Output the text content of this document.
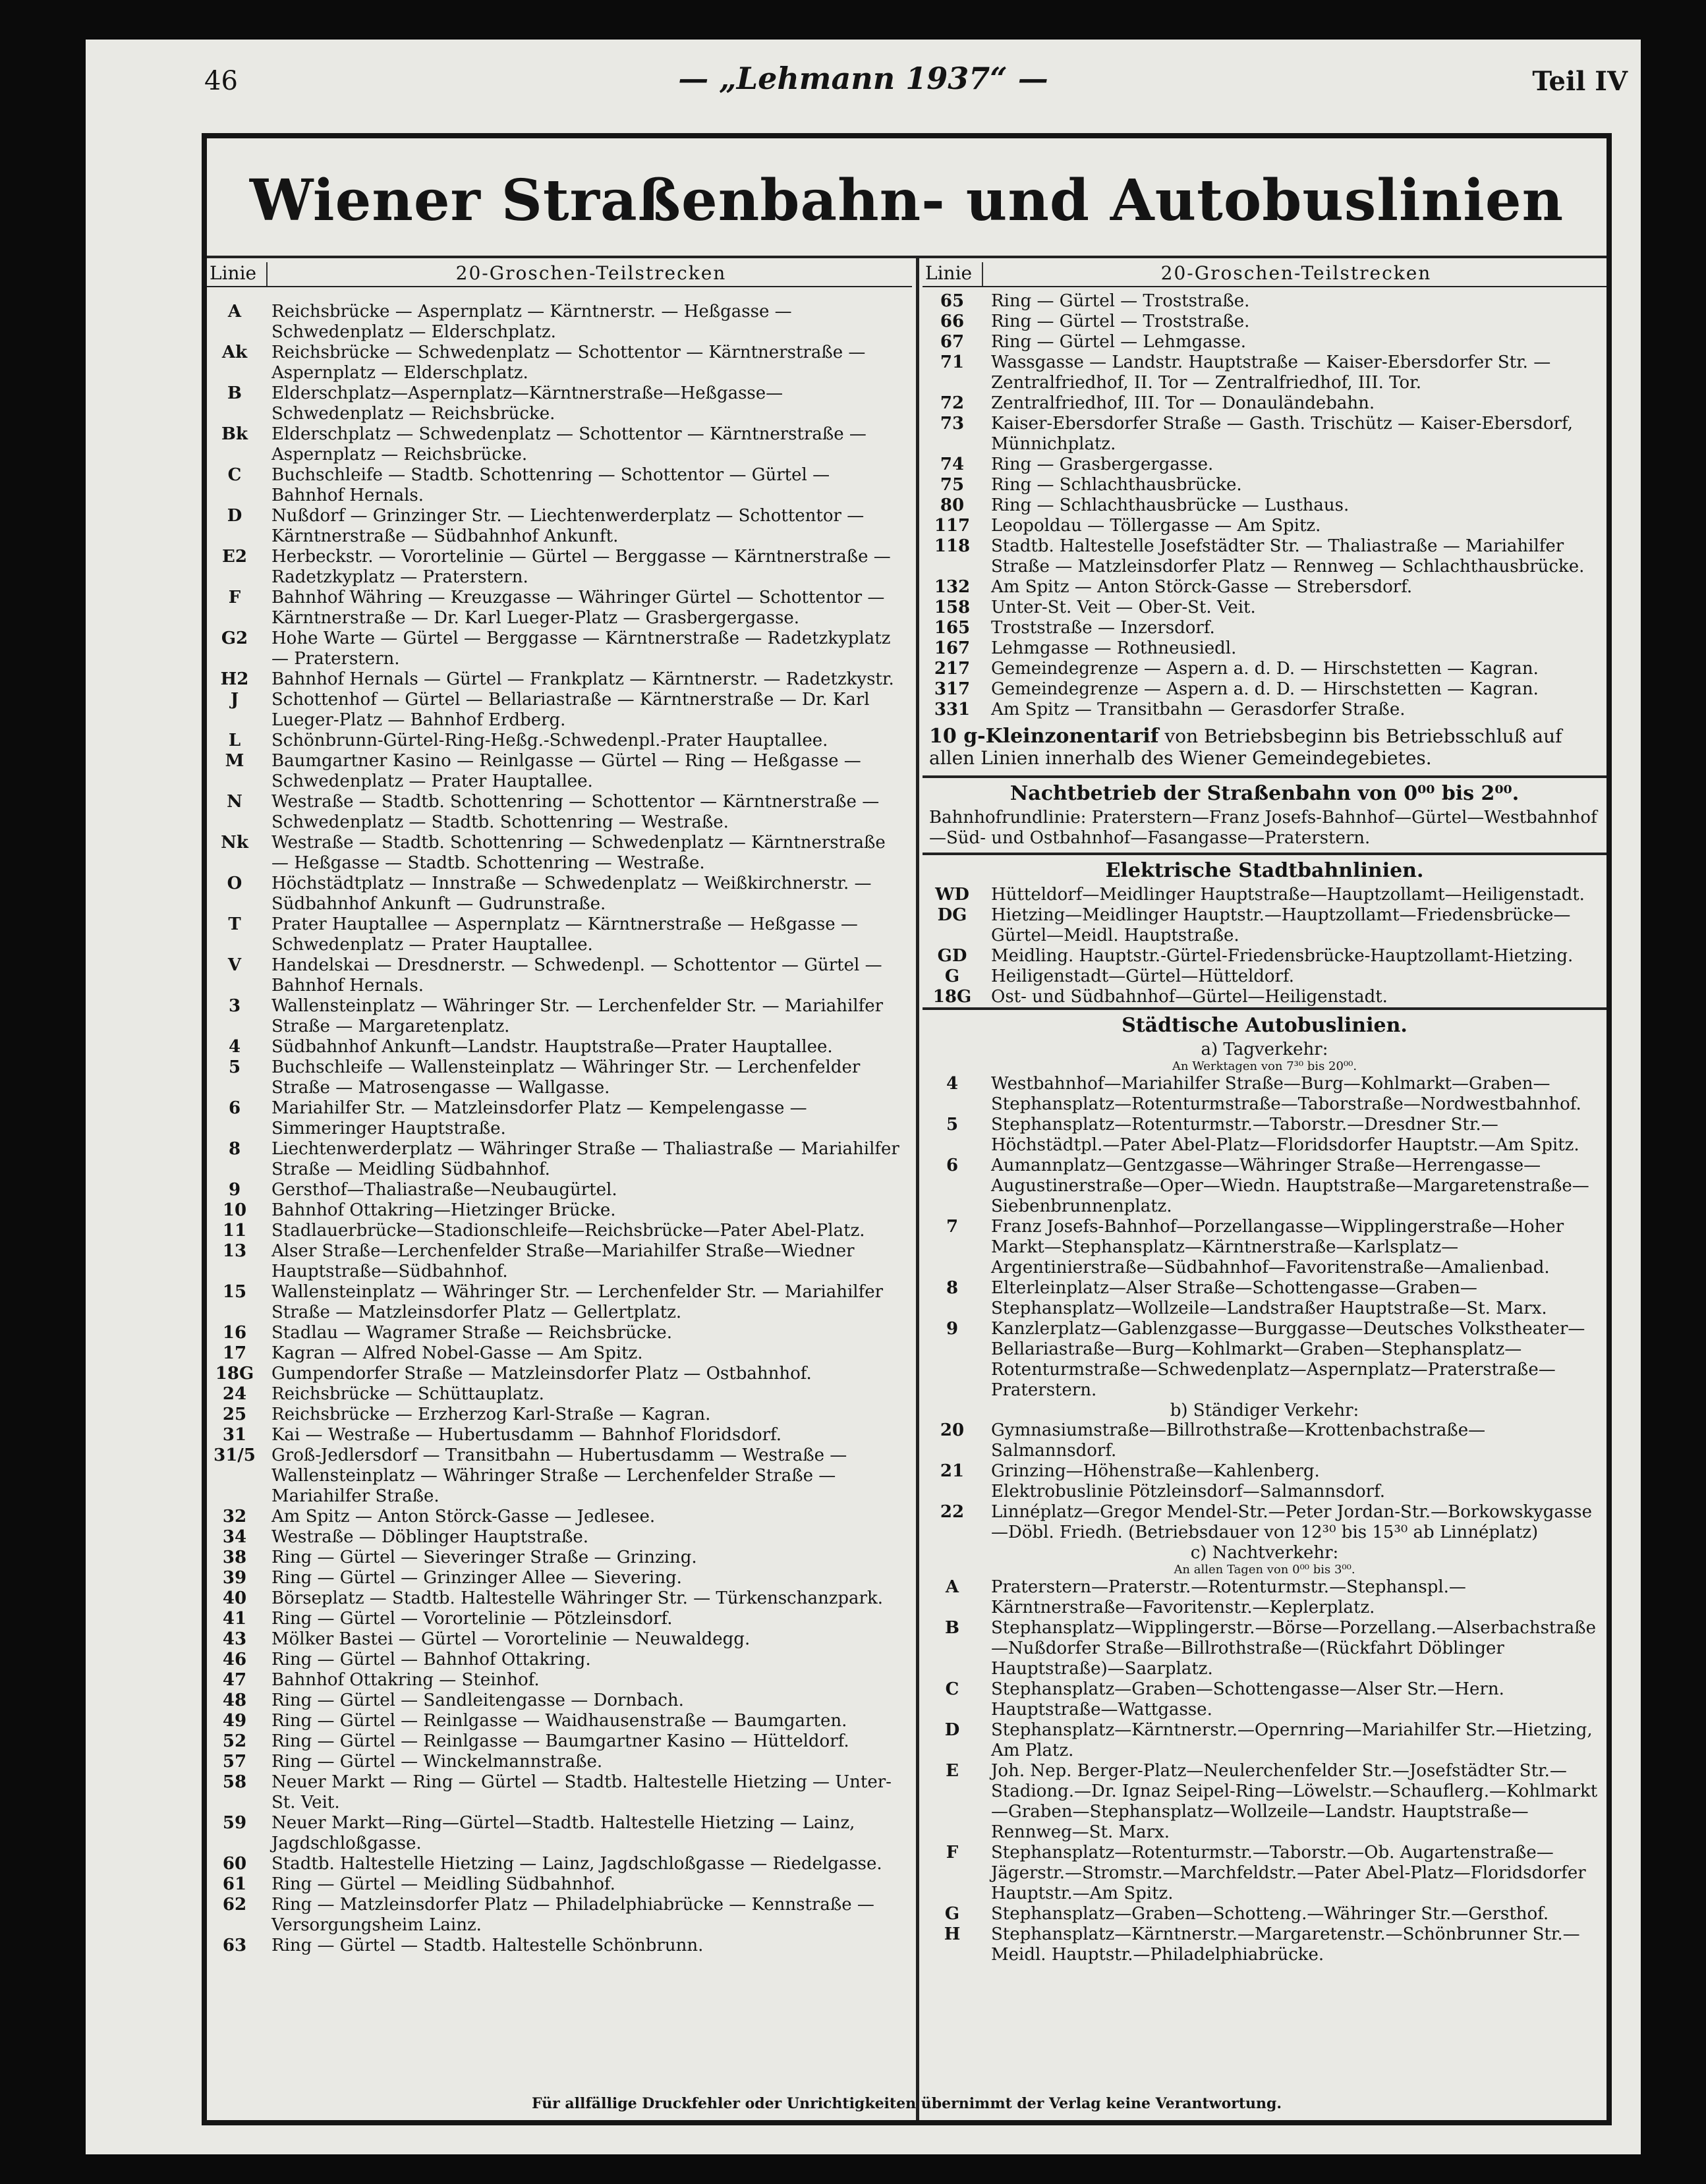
46	— „Lehmann 1937“ —	Teil IV
Wiener Straßenbahn- und Autobuslinien
Linie	20-Groschen-Teilstrecken
A	Reichsbrücke — Aspernplatz — Kärntnerstr. — Heßgasse — Schwedenplatz — Elderschplatz.
Ak	Reichsbrücke — Schwedenplatz — Schottentor — Kärntnerstraße — Aspernplatz — Elderschplatz.
B	Elderschplatz—Aspernplatz—Kärntnerstraße—Heßgasse—Schwedenplatz — Reichsbrücke.
Bk	Elderschplatz — Schwedenplatz — Schottentor — Kärntnerstraße — Aspernplatz — Reichsbrücke.
C	Buchschleife — Stadtb. Schottenring — Schottentor — Gürtel — Bahnhof Hernals.
D	Nußdorf — Grinzinger Str. — Liechtenwerderplatz — Schottentor — Kärntnerstraße — Südbahnhof Ankunft.
E2	Herbeckstr. — Vorortelinie — Gürtel — Berggasse — Kärntnerstraße — Radetzkyplatz — Praterstern.
F	Bahnhof Währing — Kreuzgasse — Währinger Gürtel — Schottentor — Kärntnerstraße — Dr. Karl Lueger-Platz — Grasbergergasse.
G2	Hohe Warte — Gürtel — Berggasse — Kärntnerstraße — Radetzkyplatz — Praterstern.
H2	Bahnhof Hernals — Gürtel — Frankplatz — Kärntnerstr. — Radetzkystr.
J	Schottenhof — Gürtel — Bellariastraße — Kärntnerstraße — Dr. Karl Lueger-Platz — Bahnhof Erdberg.
L	Schönbrunn-Gürtel-Ring-Heßg.-Schwedenpl.-Prater Hauptallee.
M	Baumgartner Kasino — Reinlgasse — Gürtel — Ring — Heßgasse — Schwedenplatz — Prater Hauptallee.
N	Westraße — Stadtb. Schottenring — Schottentor — Kärntnerstraße — Schwedenplatz — Stadtb. Schottenring — Westraße.
Nk	Westraße — Stadtb. Schottenring — Schwedenplatz — Kärntnerstraße — Heßgasse — Stadtb. Schottenring — Westraße.
O	Höchstädtplatz — Innstraße — Schwedenplatz — Weißkirchnerstr. — Südbahnhof Ankunft — Gudrunstraße.
T	Prater Hauptallee — Aspernplatz — Kärntnerstraße — Heßgasse — Schwedenplatz — Prater Hauptallee.
V	Handelskai — Dresdnerstr. — Schwedenpl. — Schottentor — Gürtel — Bahnhof Hernals.
3	Wallensteinplatz — Währinger Str. — Lerchenfelder Str. — Mariahilfer Straße — Margaretenplatz.
4	Südbahnhof Ankunft—Landstr. Hauptstraße—Prater Hauptallee.
5	Buchschleife — Wallensteinplatz — Währinger Str. — Lerchenfelder Straße — Matrosengasse — Wallgasse.
6	Mariahilfer Str. — Matzleinsdorfer Platz — Kempelengasse — Simmeringer Hauptstraße.
8	Liechtenwerderplatz — Währinger Straße — Thaliastraße — Mariahilfer Straße — Meidling Südbahnhof.
9	Gersthof—Thaliastraße—Neubaugürtel.
10	Bahnhof Ottakring—Hietzinger Brücke.
11	Stadlauerbrücke—Stadionschleife—Reichsbrücke—Pater Abel-Platz.
13	Alser Straße—Lerchenfelder Straße—Mariahilfer Straße—Wiedner Hauptstraße—Südbahnhof.
15	Wallensteinplatz — Währinger Str. — Lerchenfelder Str. — Mariahilfer Straße — Matzleinsdorfer Platz — Gellertplatz.
16	Stadlau — Wagramer Straße — Reichsbrücke.
17	Kagran — Alfred Nobel-Gasse — Am Spitz.
18G	Gumpendorfer Straße — Matzleinsdorfer Platz — Ostbahnhof.
24	Reichsbrücke — Schüttauplatz.
25	Reichsbrücke — Erzherzog Karl-Straße — Kagran.
31	Kai — Westraße — Hubertusdamm — Bahnhof Floridsdorf.
31/5 Groß-Jedlersdorf — Transitbahn — Hubertusdamm — Westraße — Wallensteinplatz — Währinger Straße — Lerchenfelder Straße — Mariahilfer Straße.
32	Am Spitz — Anton Störck-Gasse — Jedlesee.
34	Westraße — Döblinger Hauptstraße.
38	Ring — Gürtel — Sieveringer Straße — Grinzing.
39	Ring — Gürtel — Grinzinger Allee — Sievering.
40	Börseplatz — Stadtb. Haltestelle Währinger Str. — Türkenschanzpark.
41	Ring — Gürtel — Vorortelinie — Pötzleinsdorf.
43	Mölker Bastei — Gürtel — Vorortelinie — Neuwaldegg.
46	Ring — Gürtel — Bahnhof Ottakring.
47	Bahnhof Ottakring — Steinhof.
48	Ring — Gürtel — Sandleitengasse — Dornbach.
49	Ring — Gürtel — Reinlgasse — Waidhausenstraße — Baumgarten.
52	Ring — Gürtel — Reinlgasse — Baumgartner Kasino — Hütteldorf.
57	Ring — Gürtel — Winckelmannstraße.
58	Neuer Markt — Ring — Gürtel — Stadtb. Haltestelle Hietzing — Unter-St. Veit.
59	Neuer Markt—Ring—Gürtel—Stadtb. Haltestelle Hietzing — Lainz, Jagdschloßgasse.
60	Stadtb. Haltestelle Hietzing — Lainz, Jagdschloßgasse — Riedelgasse.
61	Ring — Gürtel — Meidling Südbahnhof.
62	Ring — Matzleinsdorfer Platz — Philadelphiabrücke — Kennstraße — Versorgungsheim Lainz.
63	Ring — Gürtel — Stadtb. Haltestelle Schönbrunn.
Linie	20-Groschen-Teilstrecken
65	Ring — Gürtel — Troststraße.
66	Ring — Gürtel — Troststraße.
67	Ring — Gürtel — Lehmgasse.
71	Wassgasse — Landstr. Hauptstraße — Kaiser-Ebersdorfer Str. — Zentralfriedhof, II. Tor — Zentralfriedhof, III. Tor.
72	Zentralfriedhof, III. Tor — Donauländebahn.
73	Kaiser-Ebersdorfer Straße — Gasth. Trischütz — Kaiser-Ebersdorf, Münnichplatz.
74	Ring — Grasbergergasse.
75	Ring — Schlachthausbrücke.
80	Ring — Schlachthausbrücke — Lusthaus.
117	Leopoldau — Töllergasse — Am Spitz.
118	Stadtb. Haltestelle Josefstädter Str. — Thaliastraße — Mariahilfer Straße — Matzleinsdorfer Platz — Rennweg — Schlachthausbrücke.
132	Am Spitz — Anton Störck-Gasse — Strebersdorf.
158	Unter-St. Veit — Ober-St. Veit.
165	Troststraße — Inzersdorf.
167	Lehmgasse — Rothneusiedl.
217	Gemeindegrenze — Aspern a. d. D. — Hirschstetten — Kagran.
317	Gemeindegrenze — Aspern a. d. D. — Hirschstetten — Kagran.
331	Am Spitz — Transitbahn — Gerasdorfer Straße.
10 g-Kleinzonentarif von Betriebsbeginn bis Betriebsschluß auf allen Linien innerhalb des Wiener Gemeindegebietes.
Nachtbetrieb der Straßenbahn von 0⁰⁰ bis 2⁰⁰.
Bahnhofrundlinie: Praterstern—Franz Josefs-Bahnhof—Gürtel—Westbahnhof—Süd- und Ostbahnhof—Fasangasse—Praterstern.
Elektrische Stadtbahnlinien.
WD	Hütteldorf—Meidlinger Hauptstraße—Hauptzollamt—Heiligenstadt.
DG	Hietzing—Meidlinger Hauptstr.—Hauptzollamt—Friedensbrücke—Gürtel—Meidl. Hauptstraße.
GD	Meidling. Hauptstr.-Gürtel-Friedensbrücke-Hauptzollamt-Hietzing.
G	Heiligenstadt—Gürtel—Hütteldorf.
18G	Ost- und Südbahnhof—Gürtel—Heiligenstadt.
Städtische Autobuslinien.
a) Tagverkehr:
An Werktagen von 7³⁰ bis 20⁰⁰.
4	Westbahnhof—Mariahilfer Straße—Burg—Kohlmarkt—Graben—Stephansplatz—Rotenturmstraße—Taborstraße—Nordwestbahnhof.
5	Stephansplatz—Rotenturmstr.—Taborstr.—Dresdner Str.—Höchstädtpl.—Pater Abel-Platz—Floridsdorfer Hauptstr.—Am Spitz.
6	Aumannplatz—Gentzgasse—Währinger Straße—Herrengasse—Augustinerstraße—Oper—Wiedn. Hauptstraße—Margaretenstraße—Siebenbrunnenplatz.
7	Franz Josefs-Bahnhof—Porzellangasse—Wipplingerstraße—Hoher Markt—Stephansplatz—Kärntnerstraße—Karlsplatz—Argentinierstraße—Südbahnhof—Favoritenstraße—Amalienbad.
8	Elterleinplatz—Alser Straße—Schottengasse—Graben—Stephansplatz—Wollzeile—Landstraßer Hauptstraße—St. Marx.
9	Kanzlerplatz—Gablenzgasse—Burggasse—Deutsches Volkstheater—Bellariastraße—Burg—Kohlmarkt—Graben—Stephansplatz—Rotenturmstraße—Schwedenplatz—Aspernplatz—Praterstraße—Praterstern.
b) Ständiger Verkehr:
20	Gymnasiumstraße—Billrothstraße—Krottenbachstraße—Salmannsdorf.
21	Grinzing—Höhenstraße—Kahlenberg.
Elektrobuslinie Pötzleinsdorf—Salmannsdorf.
22	Linnéplatz—Gregor Mendel-Str.—Peter Jordan-Str.—Borkowskygasse—Döbl. Friedh. (Betriebsdauer von 12³⁰ bis 15³⁰ ab Linnéplatz)
c) Nachtverkehr:
An allen Tagen von 0⁰⁰ bis 3⁰⁰.
A	Praterstern—Praterstr.—Rotenturmstr.—Stephanspl.—Kärntnerstraße—Favoritenstr.—Keplerplatz.
B	Stephansplatz—Wipplingerstr.—Börse—Porzellang.—Alserbachstraße—Nußdorfer Straße—Billrothstraße—(Rückfahrt Döblinger Hauptstraße)—Saarplatz.
C	Stephansplatz—Graben—Schottengasse—Alser Str.—Hern. Hauptstraße—Wattgasse.
D	Stephansplatz—Kärntnerstr.—Opernring—Mariahilfer Str.—Hietzing, Am Platz.
E	Joh. Nep. Berger-Platz—Neulerchenfelder Str.—Josefstädter Str.—Stadiong.—Dr. Ignaz Seipel-Ring—Löwelstr.—Schauflerg.—Kohlmarkt—Graben—Stephansplatz—Wollzeile—Landstr. Hauptstraße—Rennweg—St. Marx.
F	Stephansplatz—Rotenturmstr.—Taborstr.—Ob. Augartenstraße—Jägerstr.—Stromstr.—Marchfeldstr.—Pater Abel-Platz—Floridsdorfer Hauptstr.—Am Spitz.
G	Stephansplatz—Graben—Schotteng.—Währinger Str.—Gersthof.
H	Stephansplatz—Kärntnerstr.—Margaretenstr.—Schönbrunner Str.—Meidl. Hauptstr.—Philadelphiabrücke.
Für allfällige Druckfehler oder Unrichtigkeiten übernimmt der Verlag keine Verantwortung.
